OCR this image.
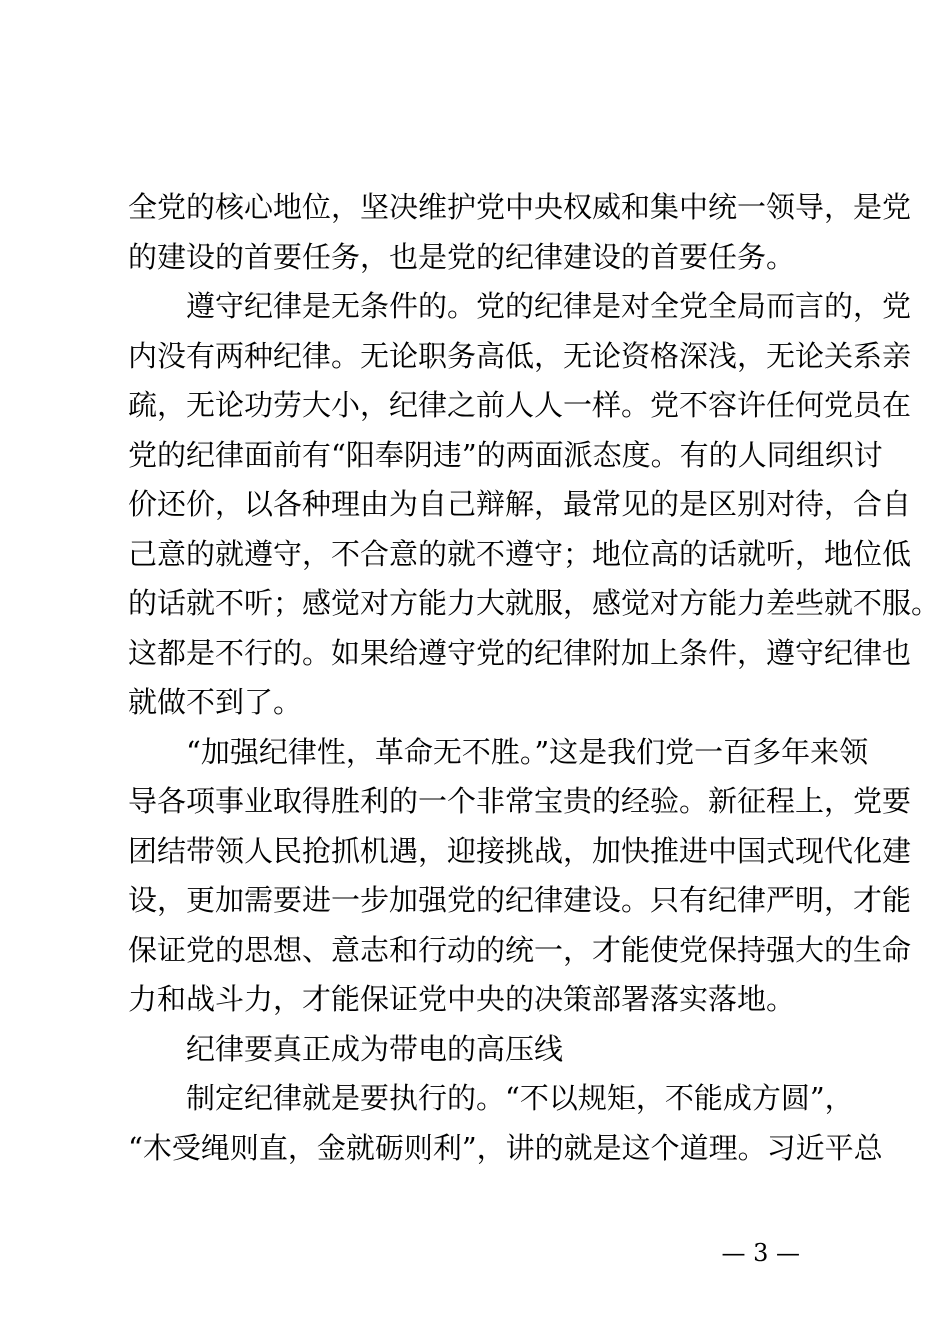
全党的核心地位，坚决维护党中央权威和集中统一领导，是党
的建设的首要任务，也是党的纪律建设的首要任务。
遵守纪律是无条件的。党的纪律是对全党全局而言的，党
内没有两种纪律。无论职务高低，无论资格深浅，无论关系亲
疏，无论功劳大小，纪律之前人人一样。党不容许任何党员在
党的纪律面前有“阳奉阴违”的两面派态度。有的人同组织讨
价还价，以各种理由为自己辩解，最常见的是区别对待，合自
己意的就遵守，不合意的就不遵守；地位高的话就听，地位低
的话就不听；感觉对方能力大就服，感觉对方能力差些就不服。
这都是不行的。如果给遵守党的纪律附加上条件，遵守纪律也
就做不到了。
“加强纪律性，革命无不胜。”这是我们党一百多年来领
导各项事业取得胜利的一个非常宝贵的经验。新征程上，党要
团结带领人民抢抓机遇，迎接挑战，加快推进中国式现代化建
设，更加需要进一步加强党的纪律建设。只有纪律严明，才能
保证党的思想、意志和行动的统一，才能使党保持强大的生命
力和战斗力，才能保证党中央的决策部署落实落地。
纪律要真正成为带电的高压线
制定纪律就是要执行的。“不以规矩，不能成方圆”，
“木受绳则直，金就砺则利”，讲的就是这个道理。习近平总
— 3 —
